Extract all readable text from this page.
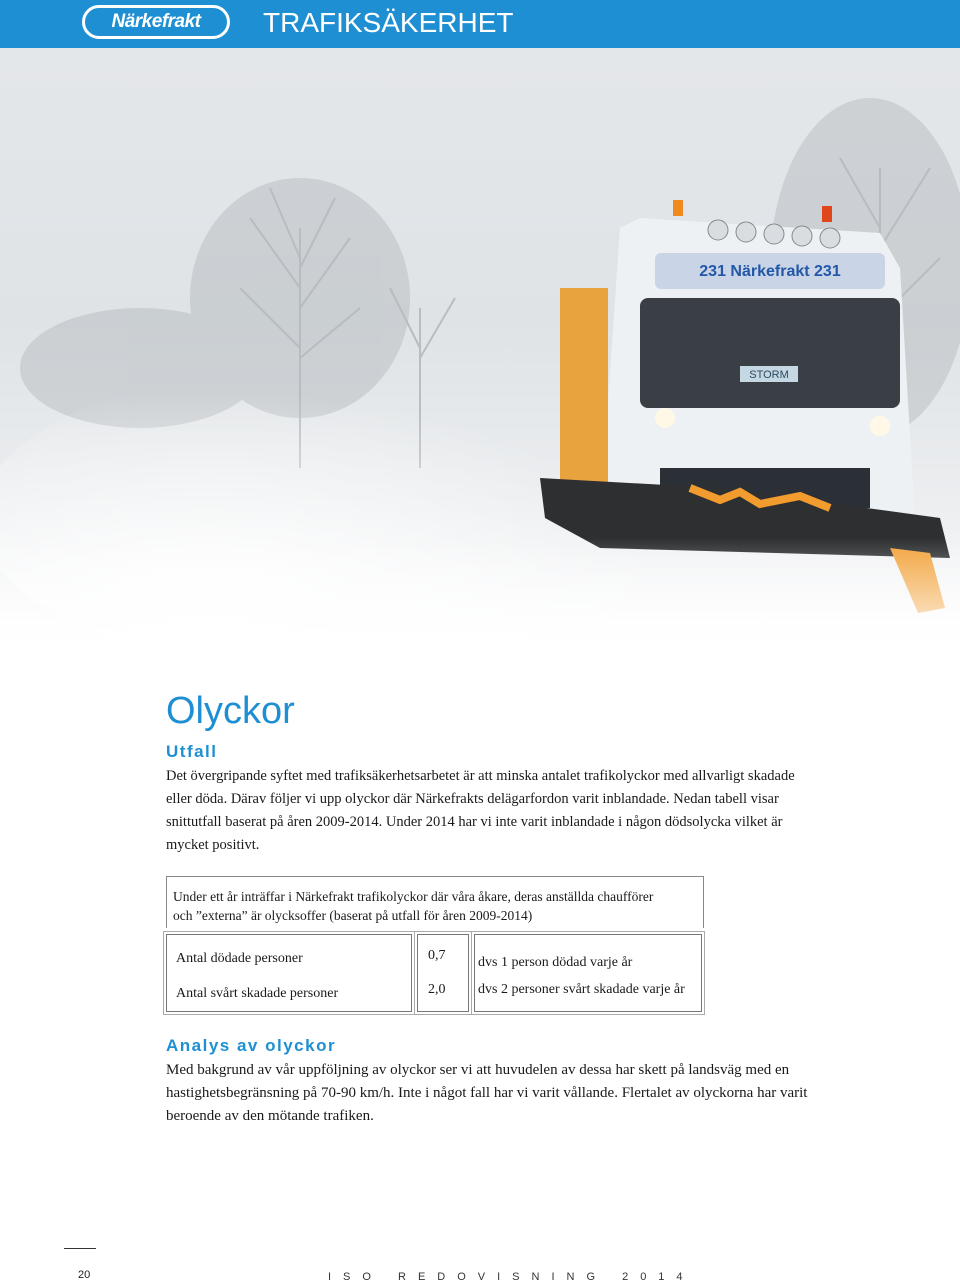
Närkefrakt	TRAFIKSÄKERHET
Olyckor
Utfall
Det övergripande syftet med trafiksäkerhetsarbetet är att minska antalet trafikolyckor med allvarligt skadade
eller döda. Därav följer vi upp olyckor där Närkefrakts delägarfordon varit inblandade. Nedan tabell visar
snittutfall baserat på åren 2009-2014. Under 2014 har vi inte varit inblandade i någon dödsolycka vilket är
mycket positivt.
Under ett år inträffar i Närkefrakt trafikolyckor där våra åkare, deras anställda chaufförer
och ”externa” är olycksoffer (baserat på utfall för åren 2009-2014)
Antal dödade personer
Antal svårt skadade personer
0,7
2,0
dvs 1 person dödad varje år
dvs 2 personer svårt skadade varje år
Analys av olyckor
Med bakgrund av vår uppföljning av olyckor ser vi att huvudelen av dessa har skett på landsväg med en
hastighetsbegränsning på 70-90 km/h. Inte i något fall har vi varit vållande. Flertalet av olyckorna har varit
beroende av den mötande trafiken.
20	ISO REDOVISNING 2014
